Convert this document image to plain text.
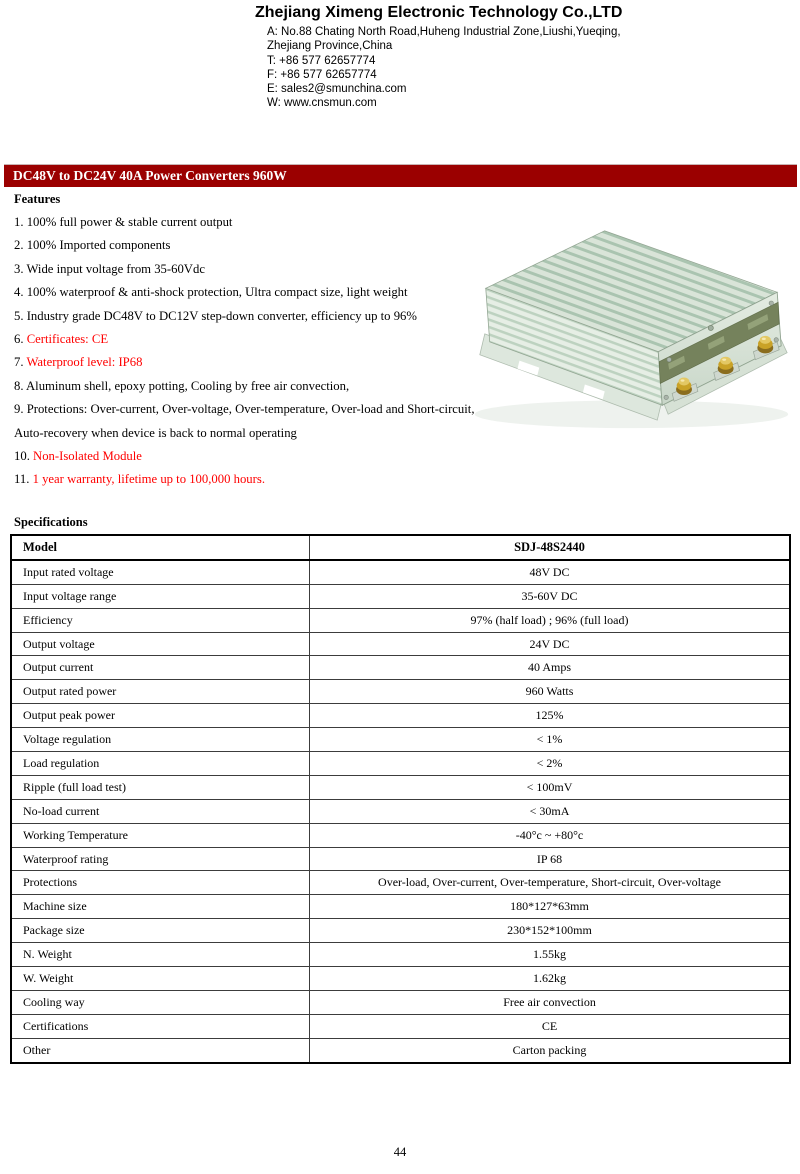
Zhejiang Ximeng Electronic Technology Co.,LTD
A: No.88 Chating North Road,Huheng Industrial Zone,Liushi,Yueqing,
Zhejiang Province,China
T: +86 577 62657774
F: +86 577 62657774
E: sales2@smunchina.com
W: www.cnsmun.com
DC48V to DC24V 40A Power Converters 960W
Features
1. 100% full power & stable current output
2. 100% Imported components
3. Wide input voltage from 35-60Vdc
4. 100% waterproof & anti-shock protection, Ultra compact size, light weight
5. Industry grade DC48V to DC12V step-down converter, efficiency up to 96%
6. Certificates: CE
7. Waterproof level: IP68
8. Aluminum shell, epoxy potting, Cooling by free air convection,
9. Protections: Over-current, Over-voltage, Over-temperature, Over-load and Short-circuit, Auto-recovery when device is back to normal operating
10. Non-Isolated Module
11. 1 year warranty, lifetime up to 100,000 hours.
Specifications
Model	SDJ-48S2440
Input rated voltage	48V DC
Input voltage range	35-60V DC
Efficiency	97% (half load) ; 96% (full load)
Output voltage	24V DC
Output current	40 Amps
Output rated power	960 Watts
Output peak power	125%
Voltage regulation	< 1%
Load regulation	< 2%
Ripple (full load test)	< 100mV
No-load current	< 30mA
Working Temperature	-40°c ~ +80°c
Waterproof rating	IP 68
Protections	Over-load, Over-current, Over-temperature, Short-circuit, Over-voltage
Machine size	180*127*63mm
Package size	230*152*100mm
N. Weight	1.55kg
W. Weight	1.62kg
Cooling way	Free air convection
Certifications	CE
Other	Carton packing
44
